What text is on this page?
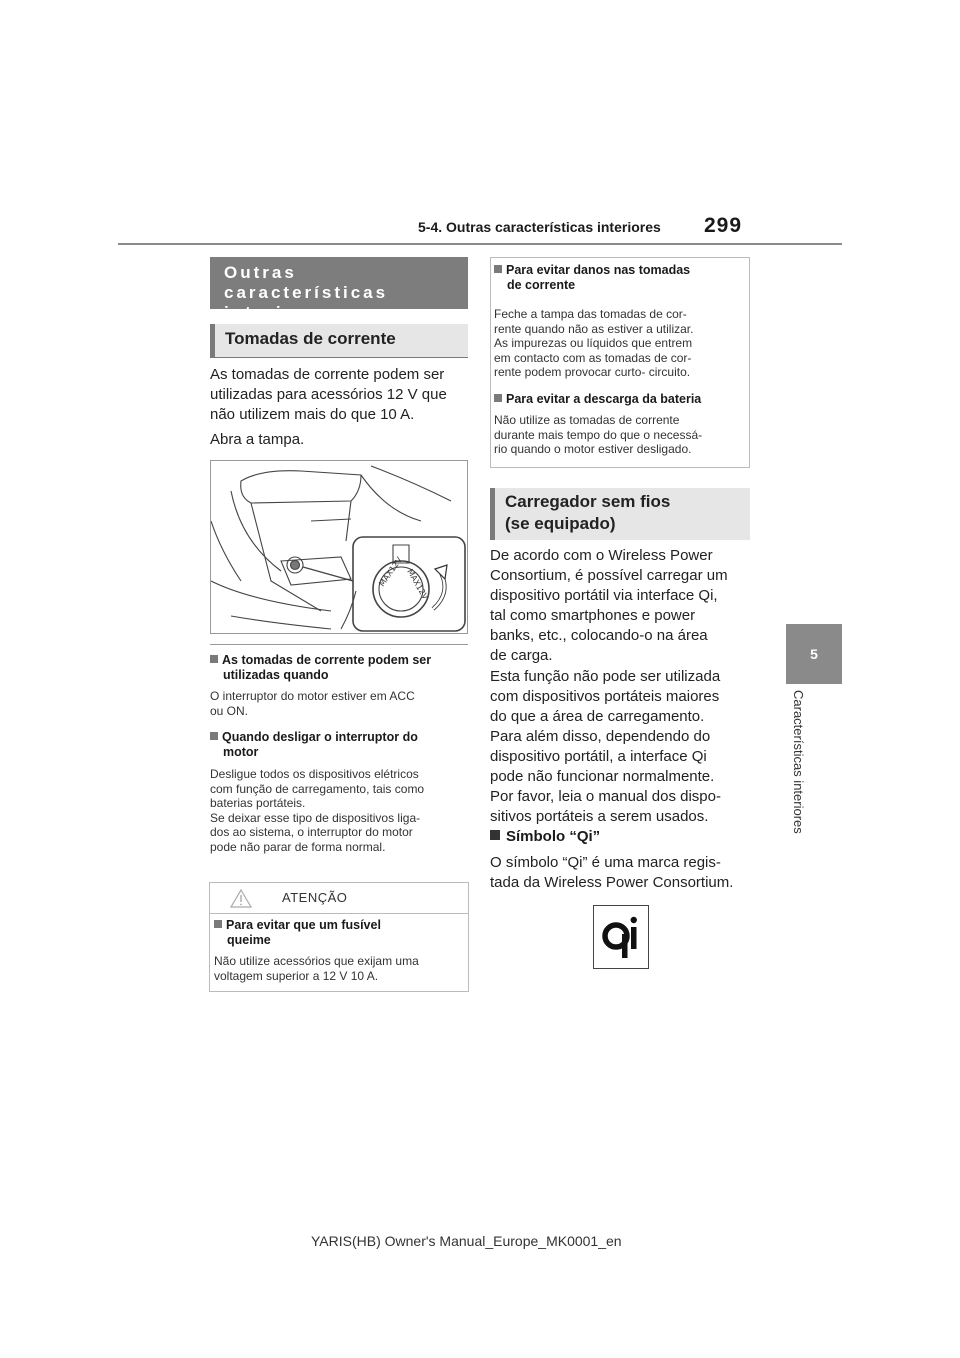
5-4. Outras características interiores 299
5
Características interiores
Outras características
interiores
Tomadas de corrente
As tomadas de corrente podem ser
utilizadas para acessórios 12 V que
não utilizem mais do que 10 A.
Abra a tampa.
MAX12V MAX12V
As tomadas de corrente podem ser
utilizadas quando
O interruptor do motor estiver em ACC
ou ON.
Quando desligar o interruptor do
motor
Desligue todos os dispositivos elétricos
com função de carregamento, tais como
baterias portáteis.
Se deixar esse tipo de dispositivos liga-
dos ao sistema, o interruptor do motor
pode não parar de forma normal.
ATENÇÃO
Para evitar que um fusível
queime
Não utilize acessórios que exijam uma
voltagem superior a 12 V 10 A.
Para evitar danos nas tomadas
de corrente
Feche a tampa das tomadas de cor-
rente quando não as estiver a utilizar.
As impurezas ou líquidos que entrem
em contacto com as tomadas de cor-
rente podem provocar curto- circuito.
Para evitar a descarga da bateria
Não utilize as tomadas de corrente
durante mais tempo do que o necessá-
rio quando o motor estiver desligado.
Carregador sem fios
(se equipado)
De acordo com o Wireless Power
Consortium, é possível carregar um
dispositivo portátil via interface Qi,
tal como smartphones e power
banks, etc., colocando-o na área
de carga.
Esta função não pode ser utilizada
com dispositivos portáteis maiores
do que a área de carregamento.
Para além disso, dependendo do
dispositivo portátil, a interface Qi
pode não funcionar normalmente.
Por favor, leia o manual dos dispo-
sitivos portáteis a serem usados.
Símbolo “Qi”
O símbolo “Qi” é uma marca regis-
tada da Wireless Power Consortium.
YARIS(HB) Owner's Manual_Europe_MK0001_en
